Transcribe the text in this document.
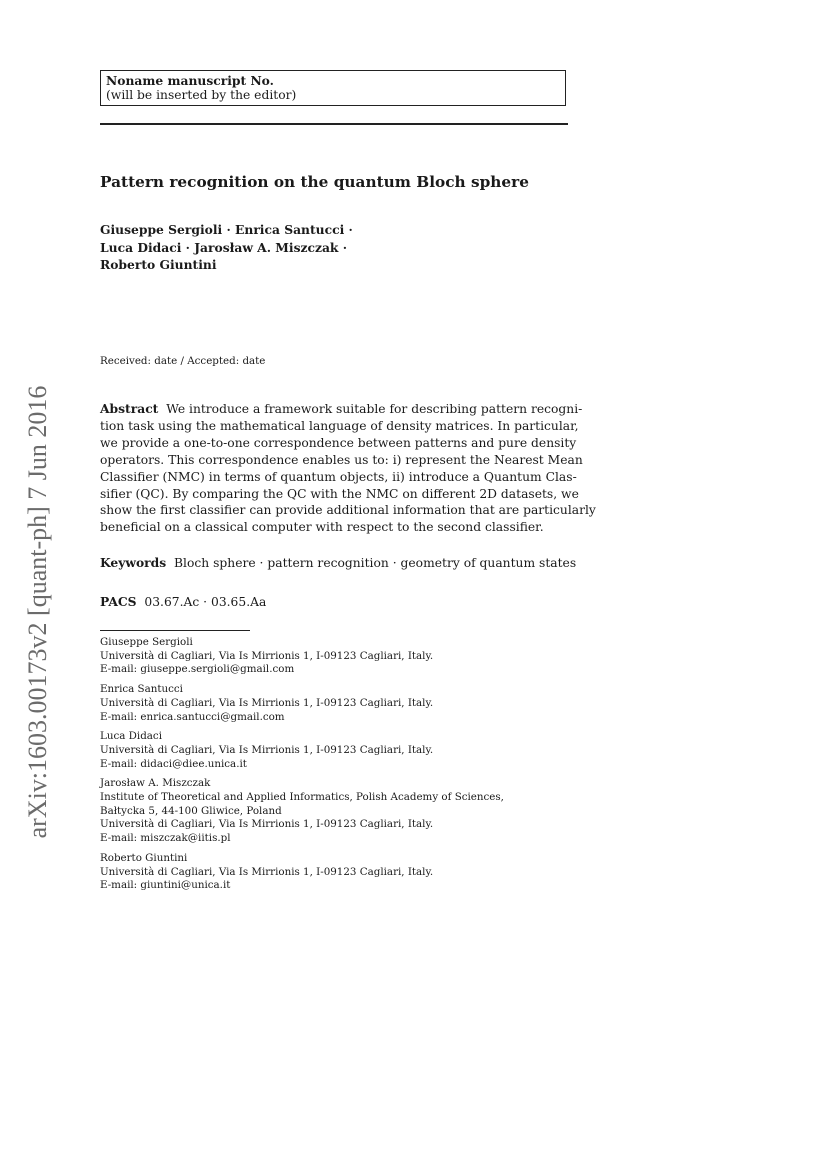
Noname manuscript No.
(will be inserted by the editor)
Pattern recognition on the quantum Bloch sphere
Giuseppe Sergioli · Enrica Santucci ·
Luca Didaci · Jarosław A. Miszczak ·
Roberto Giuntini
Received: date / Accepted: date
Abstract We introduce a framework suitable for describing pattern recogni-
tion task using the mathematical language of density matrices. In particular,
we provide a one-to-one correspondence between patterns and pure density
operators. This correspondence enables us to: i) represent the Nearest Mean
Classifier (NMC) in terms of quantum objects, ii) introduce a Quantum Clas-
sifier (QC). By comparing the QC with the NMC on different 2D datasets, we
show the first classifier can provide additional information that are particularly
beneficial on a classical computer with respect to the second classifier.
Keywords Bloch sphere · pattern recognition · geometry of quantum states
PACS 03.67.Ac · 03.65.Aa
Giuseppe Sergioli
Università di Cagliari, Via Is Mirrionis 1, I-09123 Cagliari, Italy.
E-mail: giuseppe.sergioli@gmail.com
Enrica Santucci
Università di Cagliari, Via Is Mirrionis 1, I-09123 Cagliari, Italy.
E-mail: enrica.santucci@gmail.com
Luca Didaci
Università di Cagliari, Via Is Mirrionis 1, I-09123 Cagliari, Italy.
E-mail: didaci@diee.unica.it
Jarosław A. Miszczak
Institute of Theoretical and Applied Informatics, Polish Academy of Sciences,
Bałtycka 5, 44-100 Gliwice, Poland
Università di Cagliari, Via Is Mirrionis 1, I-09123 Cagliari, Italy.
E-mail: miszczak@iitis.pl
Roberto Giuntini
Università di Cagliari, Via Is Mirrionis 1, I-09123 Cagliari, Italy.
E-mail: giuntini@unica.it
arXiv:1603.00173v2 [quant-ph] 7 Jun 2016
